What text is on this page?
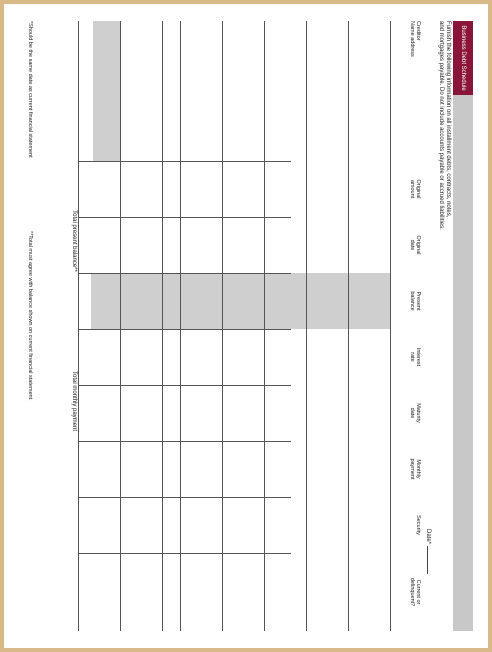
Business Debt Schedule
Furnish the following information on all installment debts, contracts, notes,
and mortgages payable. Do not include accounts payable or accrued liabilities.
Date*
Creditor
Name address
Original
amount
Original
date
Present
balance
Interest
rate
Maturity
date
Monthly
payment
Security
Current or
delinquent?
Total present balance**
Total monthly payment
*Should be the same date as current financial statement
**Total must agree with balance shown on current financial statement.
